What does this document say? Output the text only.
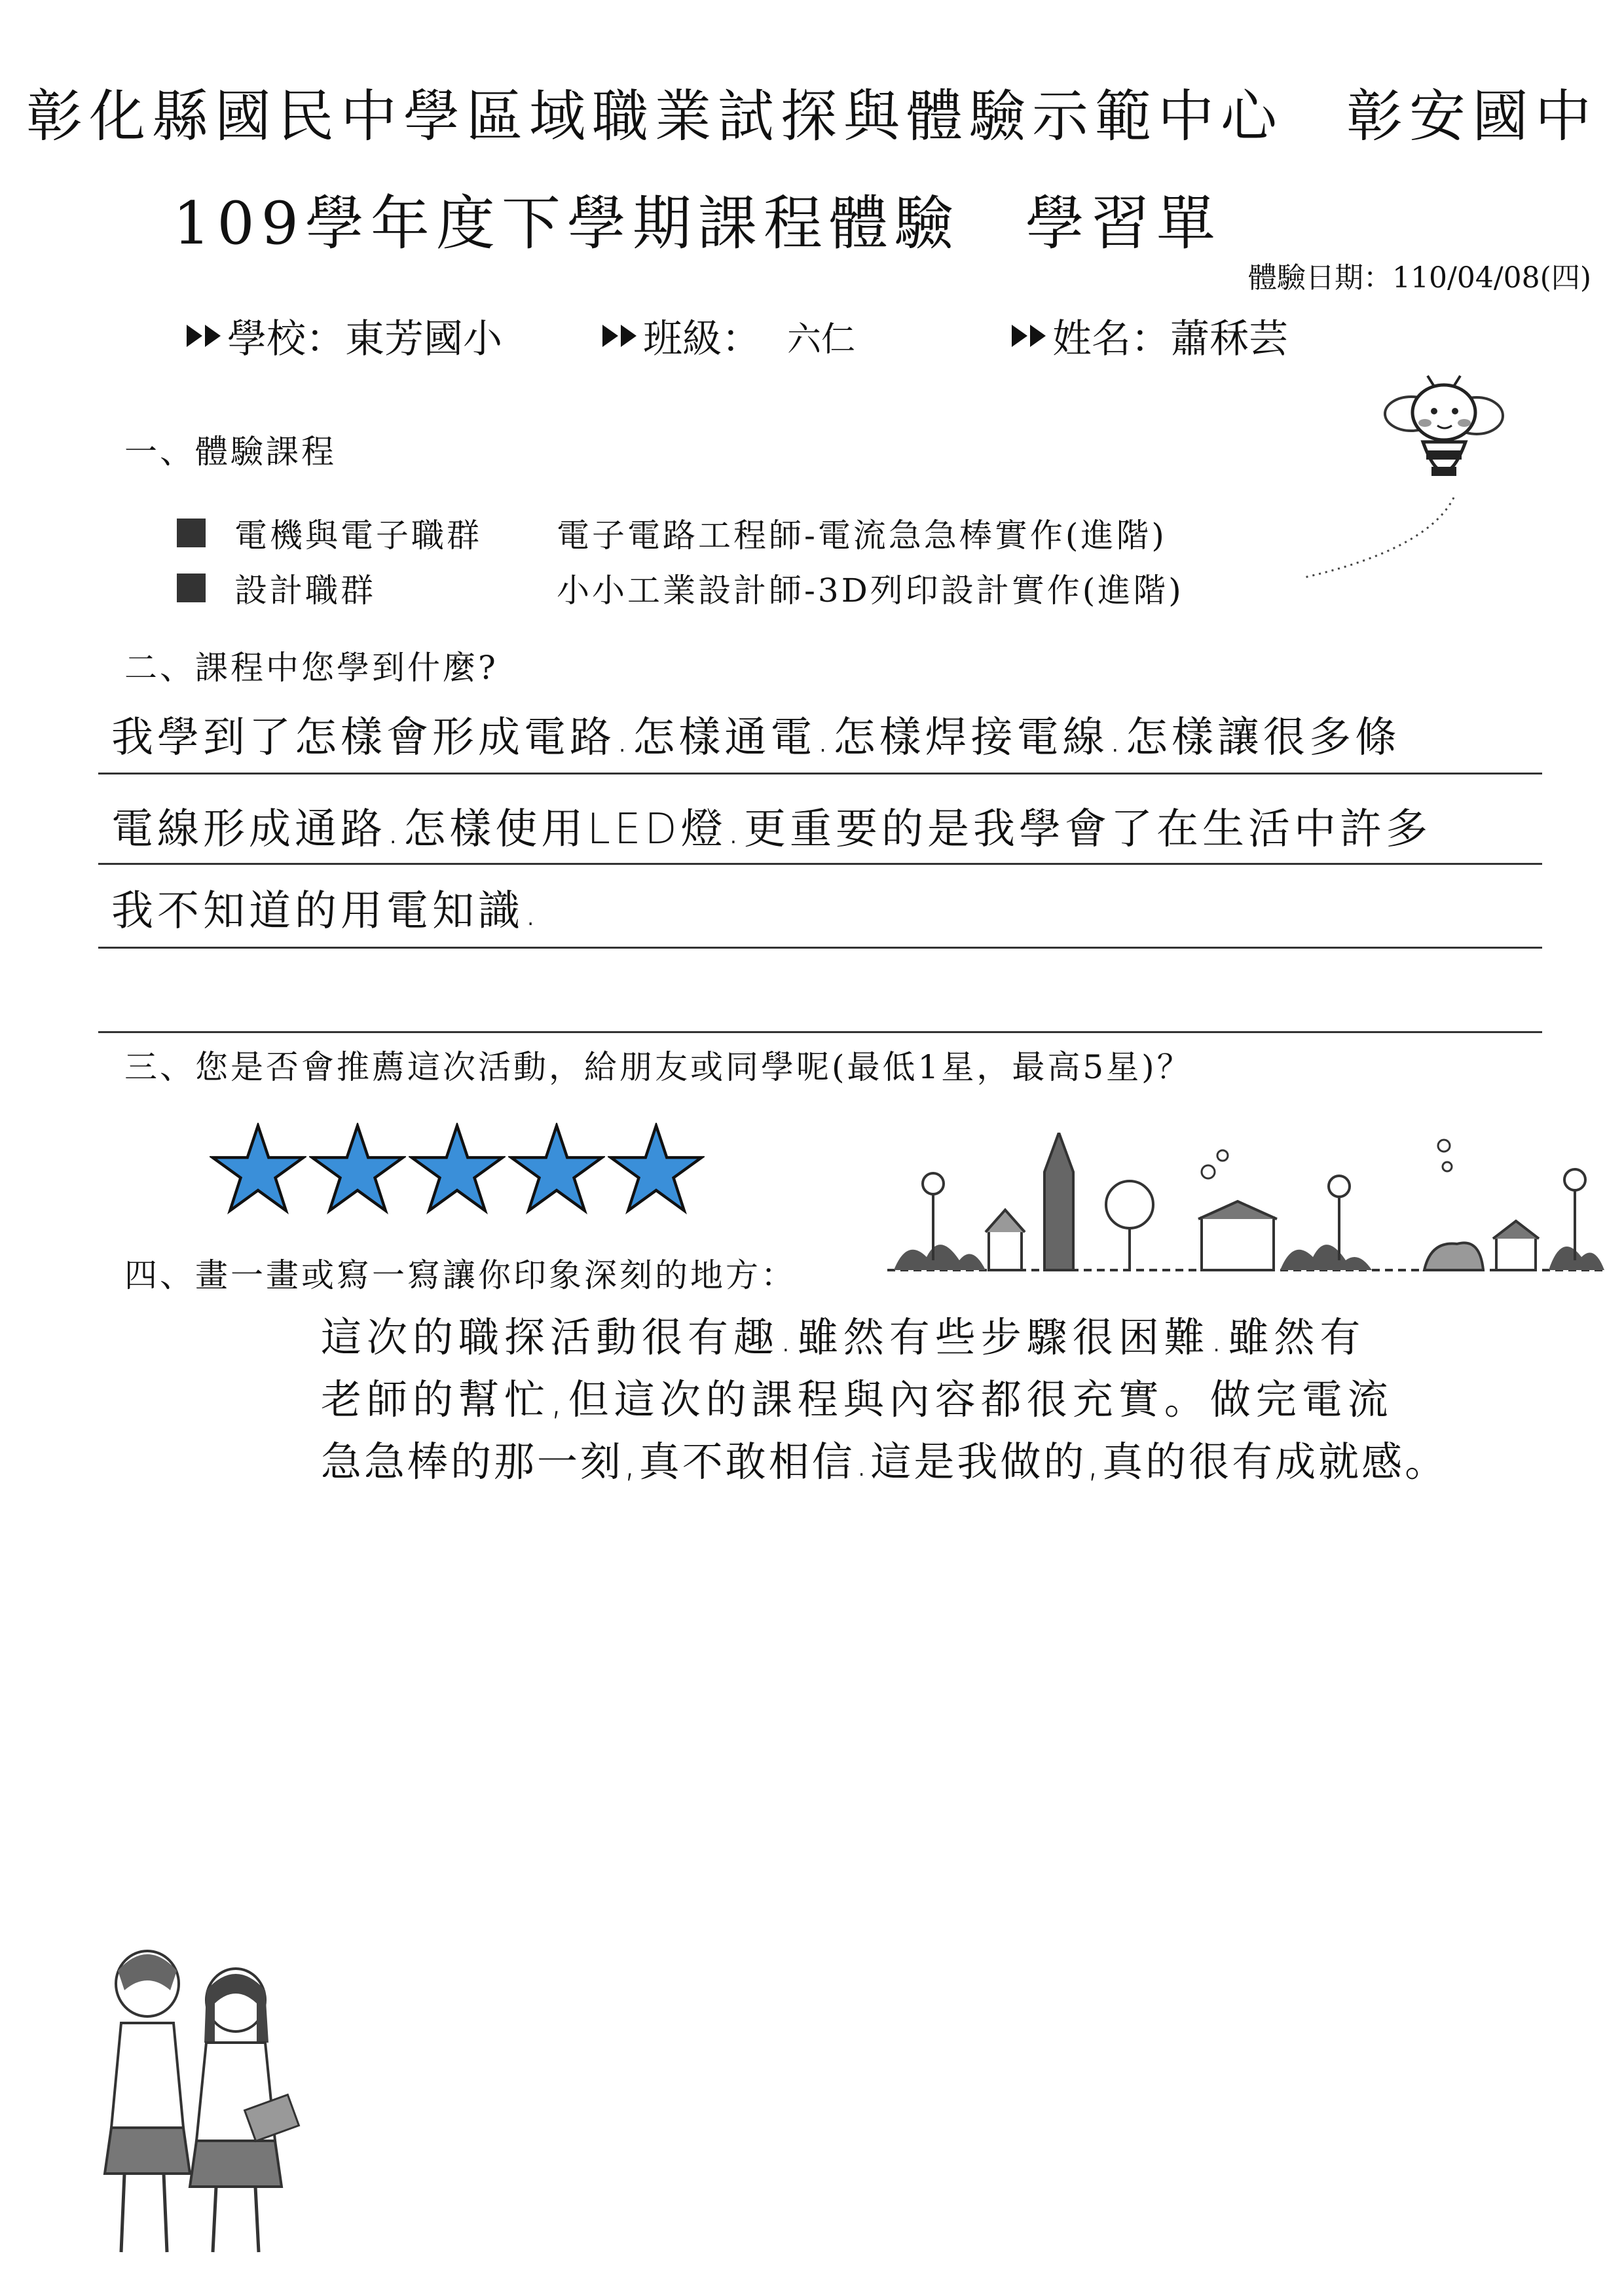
彰化縣國民中學區域職業試探與體驗示範中心　彰安國中
109學年度下學期課程體驗　學習單
體驗日期：110/04/08(四)
學校： 東芳國小	班級： 六仁	姓名： 蕭秝芸
一、體驗課程
電機與電子職群	電子電路工程師-電流急急棒實作(進階)
設計職群	小小工業設計師-3D列印設計實作(進階)
二、課程中您學到什麼?
我學到了怎樣會形成電路.怎樣通電.怎樣焊接電線.怎樣讓很多條
電線形成通路.怎樣使用LED燈.更重要的是我學會了在生活中許多
我不知道的用電知識.
三、您是否會推薦這次活動，給朋友或同學呢(最低1星，最高5星)？
四、畫一畫或寫一寫讓你印象深刻的地方：
這次的職探活動很有趣.雖然有些步驟很困難.雖然有
老師的幫忙,但這次的課程與內容都很充實。做完電流
急急棒的那一刻,真不敢相信.這是我做的,真的很有成就感。
